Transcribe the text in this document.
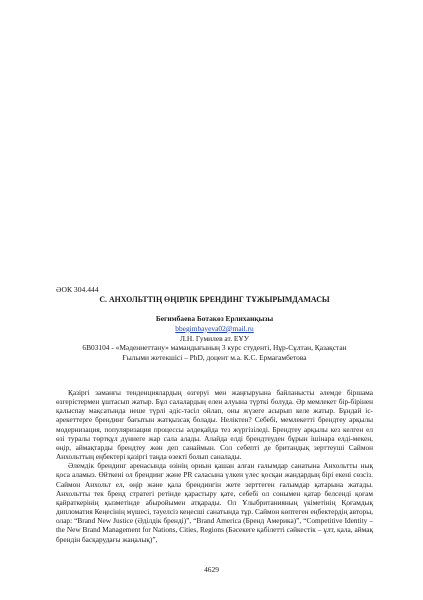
ӘОК 304.444
С. АНХОЛЬТТІҢ ӨҢІРЛІК БРЕНДИНГ ТҰЖЫРЫМДАМАСЫ
Бегимбаева Ботакөз Ерлиханқызы
bbegimbayeva02@mail.ru
Л.Н. Гумилев ат. ЕҰУ
6В03104 - «Мәдениеттану» мамандығының 3 курс студенті, Нұр-Сұлтан, Қазақстан
Ғылыми жетекшісі – PhD, доцент м.а. К.С. Ермагамбетова

Қазіргі заманғы тенденциялардың өзгеруі мен жаңғыруына байланысты әлемде біршама өзгерістермен ұштасып жатыр. Бұл салалардың елен алуына түрткі болуда. Әр мемлекет бір-бірінен қалыспау мақсатында неше түрлі әдіс-тәсіл ойлап, оны жүзеге асырып келе жатыр. Бұндай іс-әрекеттерге брендинг бағытын жатқызсақ болады. Неліктен? Себебі, мемлекетті брендтеу арқылы модернизация, популяризация процессы әлдеқайда тез жүргізіледі. Брендтеу арқылы кез келген ел өзі туралы төртқұл дүниеге жар сала алады. Алайда елді брендтеуден бұрын ішінара елді-мекен, өңір, аймақтарды брендтеу жөн деп санаймын. Сол себепті де британдық зерттеуші Саймон Анхольттың еңбектері қазіргі таңда өзекті болып саналады.

Әлемдік брендинг аренасында өзінің орнын қашан алған ғалымдар санатына Анхольтты нық қоса аламыз. Өйткені ол брендинг және PR саласына үлкен үлес қосқан жандардың бірі екені сөзсіз. Саймон Анхольт ел, өңір және қала брендингін жете зерттеген ғалымдар қатарына жатады. Анхольтты тек бренд стратегі ретінде қарастыру қате, себебі ол сонымен қатар белсенді қоғам қайраткерінің қызметінде абыройымен атқарады. Ол Ұлыбританияның үкіметінің Қоғамдық дипломатия Кеңесінің мүшесі, тәуелсіз кеңесші санатында тұр. Саймон көптеген еңбектердің авторы, олар: “Brand New Justice (Әділдік брендi)”, “Brand America (Бренд Америка)”, “Competitive Identity – the New Brand Management for Nations, Cities, Regions (Бәсекеге қабілетті сәйкестік – ұлт, қала, аймақ брендін басқарудағы жаңалық)”,

4629
